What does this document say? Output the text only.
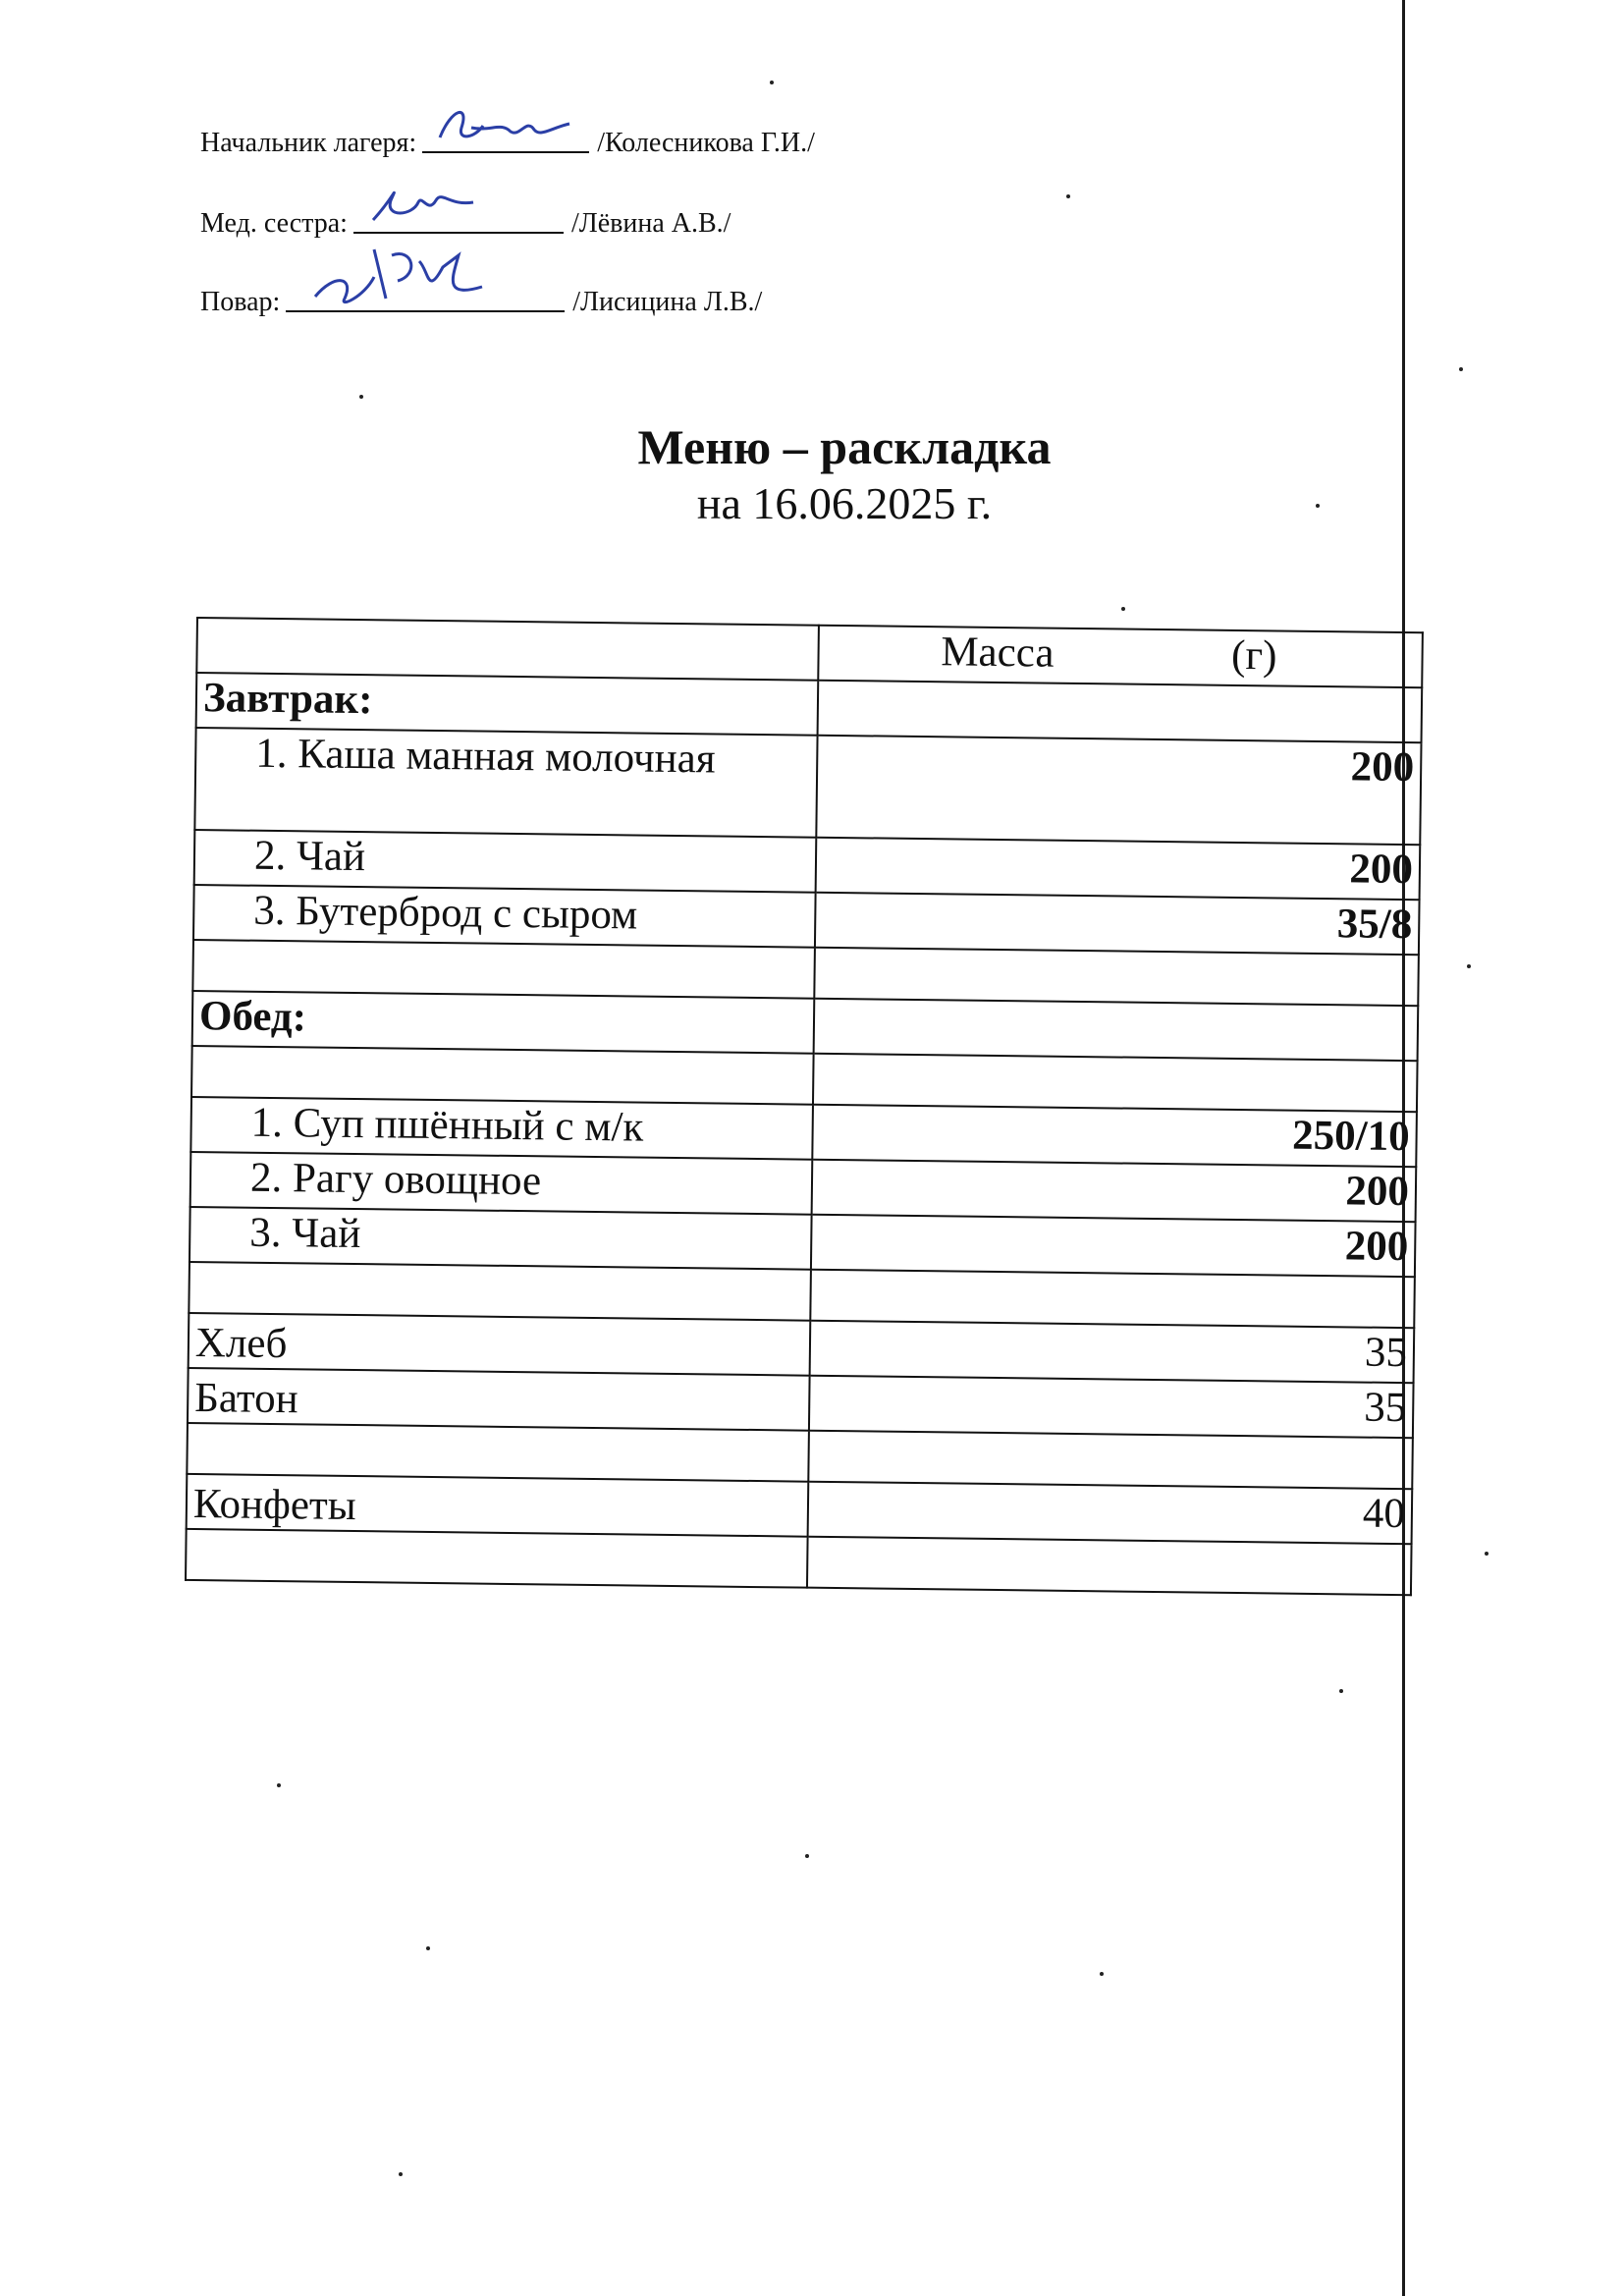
Начальник лагеря:	/Колесникова Г.И./
Мед. сестра:	/Лёвина А.В./
Повар:	/Лисицина Л.В./
Меню – раскладка
на 16.06.2025 г.
	Масса (г)
Завтрак:	
1. Каша манная молочная	200
2. Чай	200
3. Бутерброд с сыром	35/8

Обед:	

1. Суп пшённый с м/к	250/10
2. Рагу овощное	200
3. Чай	200

Хлеб	35
Батон	35

Конфеты	40
